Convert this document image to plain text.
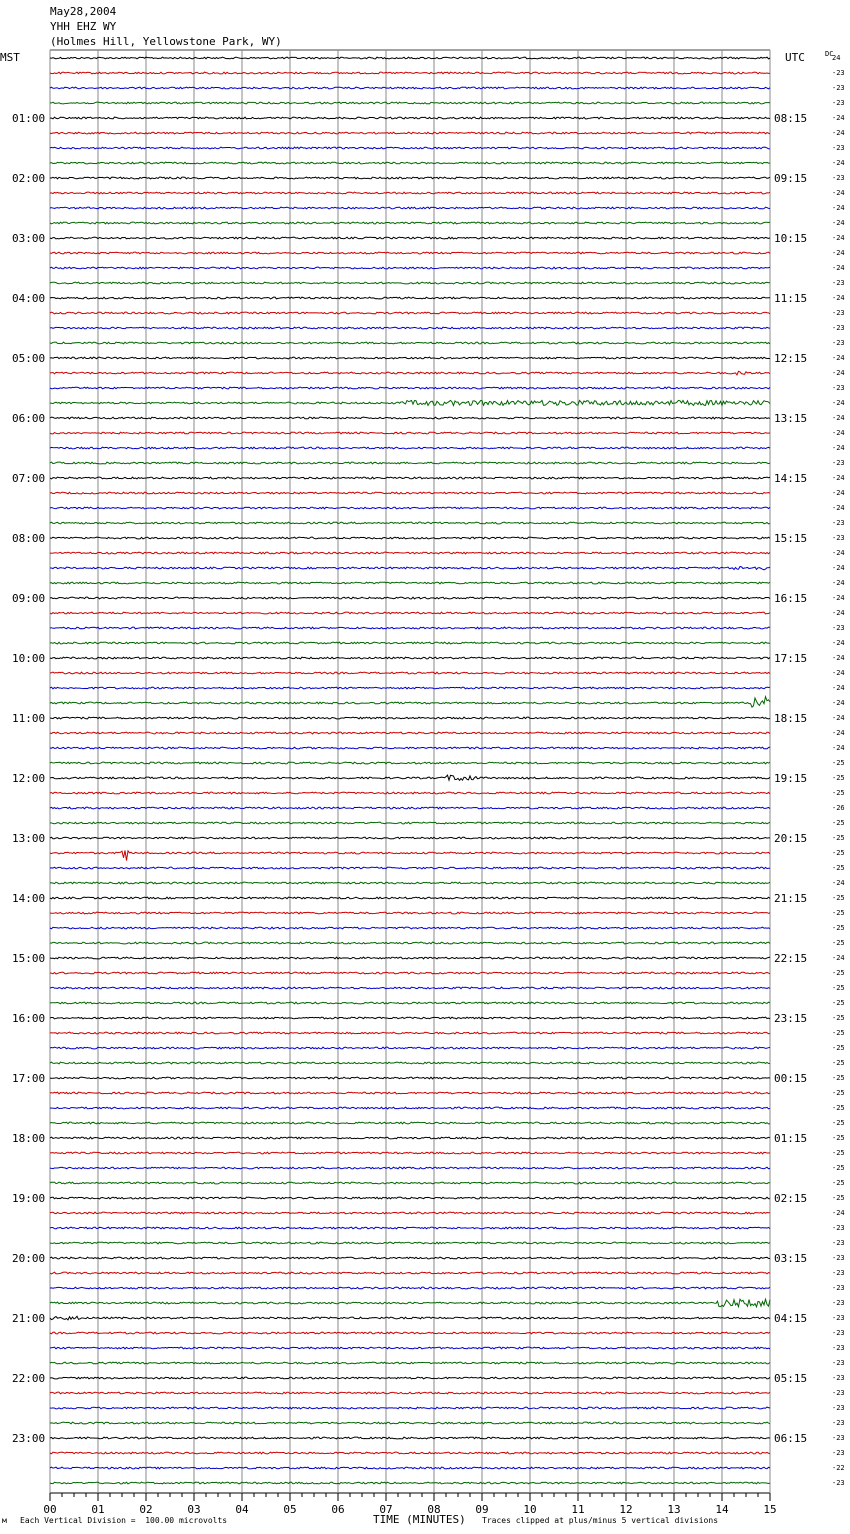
May28,2004
YHH EHZ WY
(Holmes Hill, Yellowstone Park, WY)
01:00
02:00
03:00
04:00
05:00
06:00
07:00
08:00
09:00
10:00
11:00
12:00
13:00
14:00
15:00
16:00
17:00
18:00
19:00
20:00
21:00
22:00
23:00
08:15
09:15
10:15
11:15
12:15
13:15
14:15
15:15
16:15
17:15
18:15
19:15
20:15
21:15
22:15
23:15
00:15
01:15
02:15
03:15
04:15
05:15
06:15
24
-23
-23
-23
-24
-24
-23
-24
-23
-24
-24
-24
-24
-24
-24
-23
-24
-23
-23
-23
-24
-24
-23
-24
-24
-24
-24
-23
-24
-24
-24
-23
-23
-24
-24
-24
-24
-24
-23
-24
-24
-24
-24
-24
-24
-24
-24
-25
-25
-25
-26
-25
-25
-25
-25
-24
-25
-25
-25
-25
-24
-25
-25
-25
-25
-25
-25
-25
-25
-25
-25
-25
-25
-25
-25
-25
-25
-24
-23
-23
-23
-23
-23
-23
-23
-23
-23
-23
-23
-23
-23
-23
-23
-23
-22
-23
00	01	02	03	04	05	06	07	08	09	10	11	12	13	14	15
MST	UTC	DC
TIME (MINUTES)
м Each Vertical Division =  100.00 microvolts	Traces clipped at plus/minus 5 vertical divisions
